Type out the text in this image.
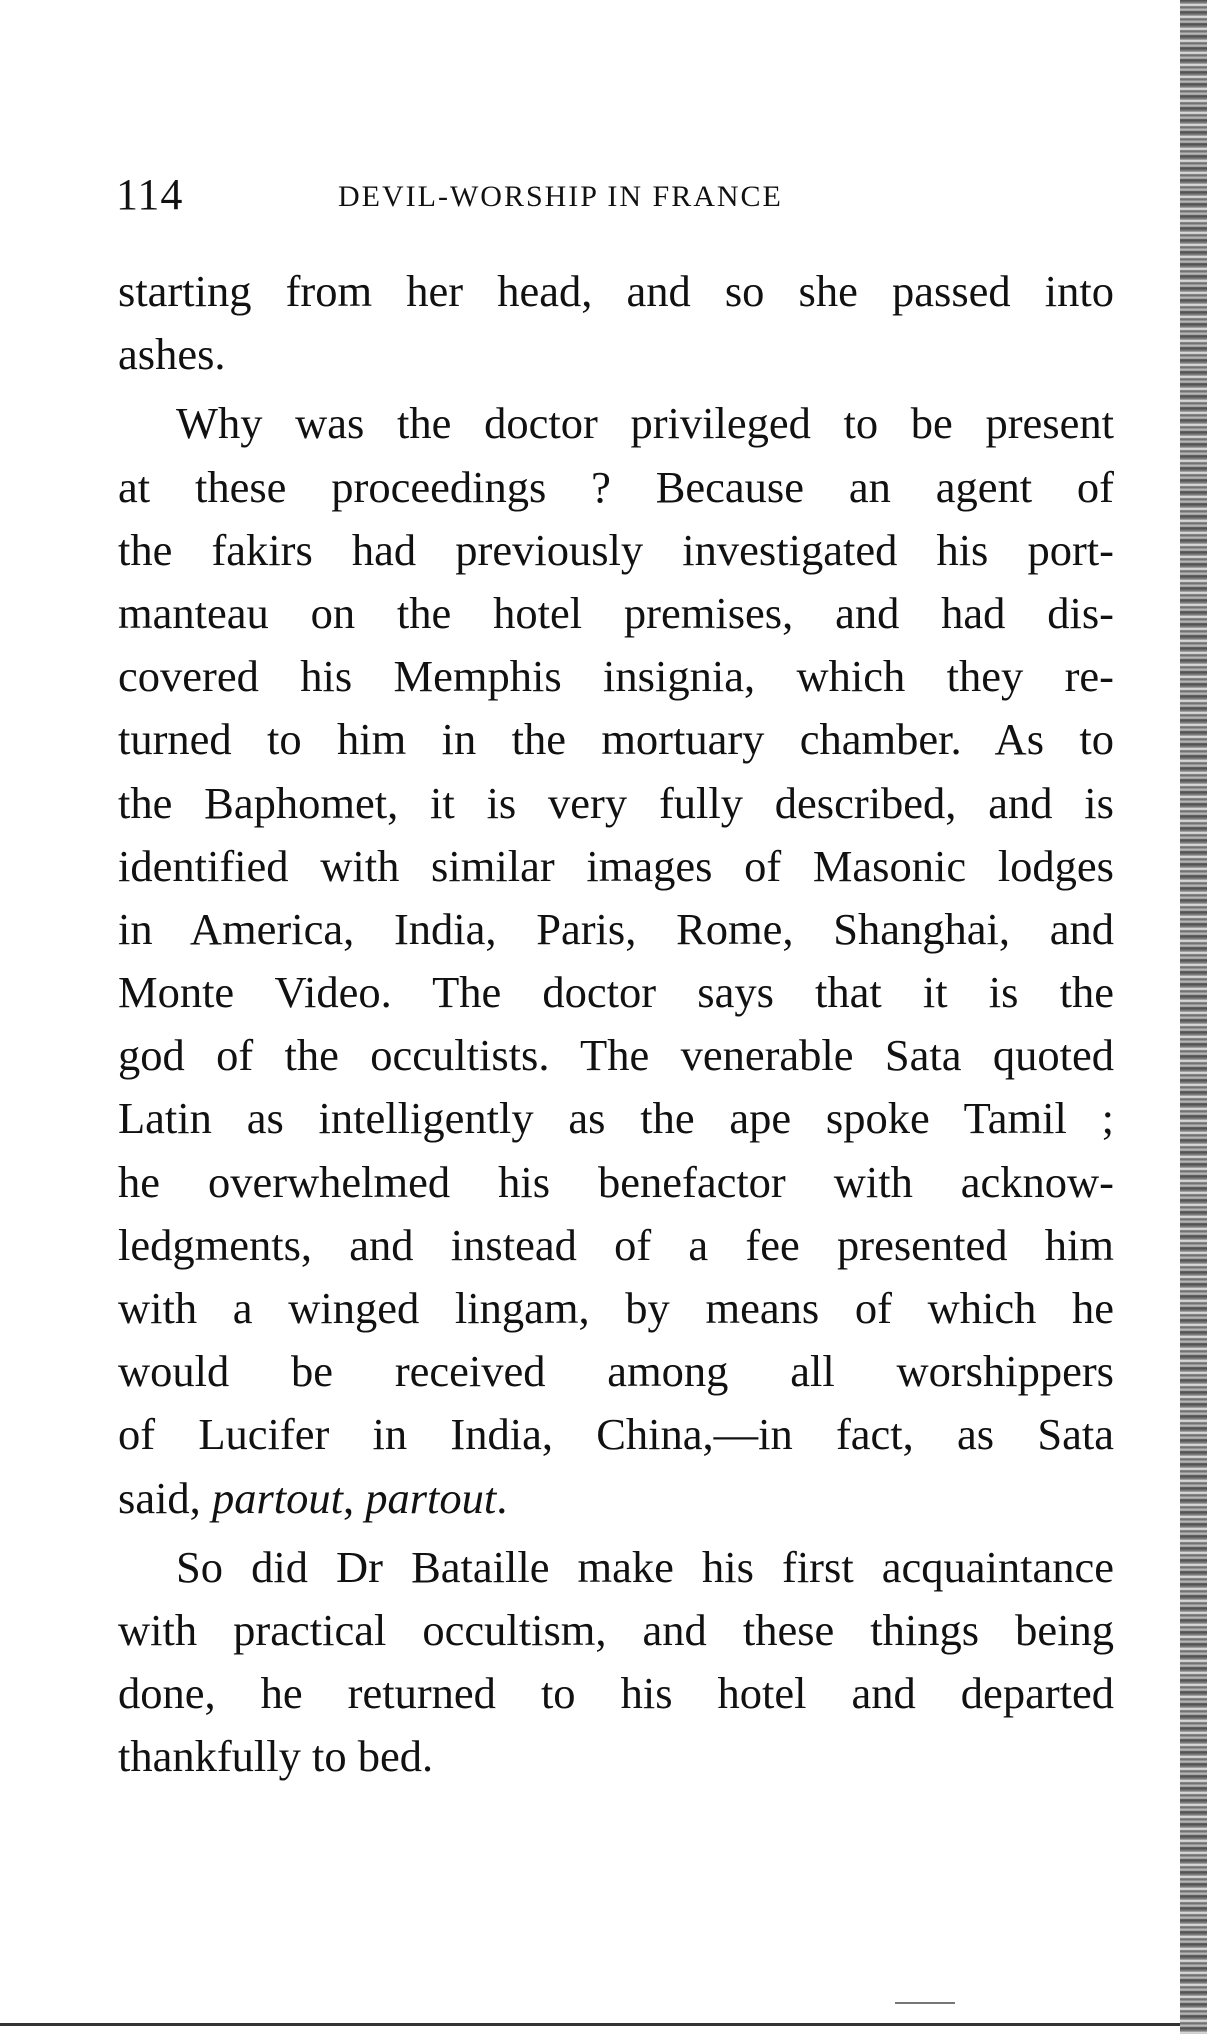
114	DEVIL-WORSHIP IN FRANCE
starting from her head, and so she passed into
ashes.
Why was the doctor privileged to be present
at these proceedings ? Because an agent of
the fakirs had previously investigated his port-
manteau on the hotel premises, and had dis-
covered his Memphis insignia, which they re-
turned to him in the mortuary chamber. As to
the Baphomet, it is very fully described, and is
identified with similar images of Masonic lodges
in America, India, Paris, Rome, Shanghai, and
Monte Video. The doctor says that it is the
god of the occultists. The venerable Sata quoted
Latin as intelligently as the ape spoke Tamil ;
he overwhelmed his benefactor with acknow-
ledgments, and instead of a fee presented him
with a winged lingam, by means of which he
would be received among all worshippers
of Lucifer in India, China,—in fact, as Sata
said, partout, partout.
So did Dr Bataille make his first acquaintance
with practical occultism, and these things being
done, he returned to his hotel and departed
thankfully to bed.
